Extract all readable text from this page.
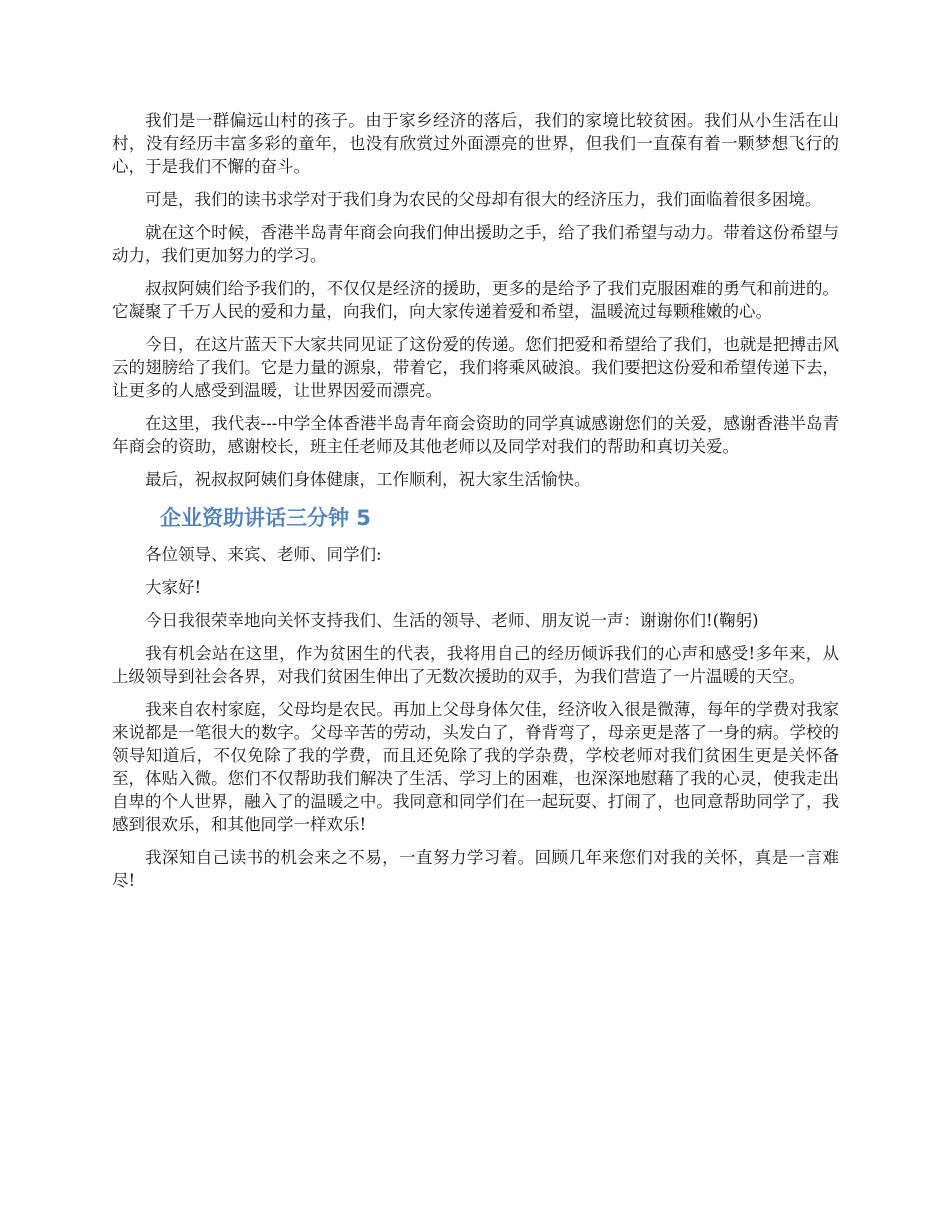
我们是一群偏远山村的孩子。由于家乡经济的落后，我们的家境比较贫困。我们从小生活在山村，没有经历丰富多彩的童年，也没有欣赏过外面漂亮的世界，但我们一直葆有着一颗梦想飞行的心，于是我们不懈的奋斗。

可是，我们的读书求学对于我们身为农民的父母却有很大的经济压力，我们面临着很多困境。

就在这个时候，香港半岛青年商会向我们伸出援助之手，给了我们希望与动力。带着这份希望与动力，我们更加努力的学习。

叔叔阿姨们给予我们的，不仅仅是经济的援助，更多的是给予了我们克服困难的勇气和前进的。它凝聚了千万人民的爱和力量，向我们，向大家传递着爱和希望，温暖流过每颗稚嫩的心。

今日，在这片蓝天下大家共同见证了这份爱的传递。您们把爱和希望给了我们，也就是把搏击风云的翅膀给了我们。它是力量的源泉，带着它，我们将乘风破浪。我们要把这份爱和希望传递下去，让更多的人感受到温暖，让世界因爱而漂亮。

在这里，我代表---中学全体香港半岛青年商会资助的同学真诚感谢您们的关爱，感谢香港半岛青年商会的资助，感谢校长，班主任老师及其他老师以及同学对我们的帮助和真切关爱。

最后，祝叔叔阿姨们身体健康，工作顺利，祝大家生活愉快。

企业资助讲话三分钟 5

各位领导、来宾、老师、同学们:

大家好!

今日我很荣幸地向关怀支持我们、生活的领导、老师、朋友说一声：谢谢你们!(鞠躬)

我有机会站在这里，作为贫困生的代表，我将用自己的经历倾诉我们的心声和感受!多年来，从上级领导到社会各界，对我们贫困生伸出了无数次援助的双手，为我们营造了一片温暖的天空。

我来自农村家庭，父母均是农民。再加上父母身体欠佳，经济收入很是微薄，每年的学费对我家来说都是一笔很大的数字。父母辛苦的劳动，头发白了，脊背弯了，母亲更是落了一身的病。学校的领导知道后，不仅免除了我的学费，而且还免除了我的学杂费，学校老师对我们贫困生更是关怀备至，体贴入微。您们不仅帮助我们解决了生活、学习上的困难，也深深地慰藉了我的心灵，使我走出自卑的个人世界，融入了的温暖之中。我同意和同学们在一起玩耍、打闹了，也同意帮助同学了，我感到很欢乐，和其他同学一样欢乐!

我深知自己读书的机会来之不易，一直努力学习着。回顾几年来您们对我的关怀，真是一言难尽!
